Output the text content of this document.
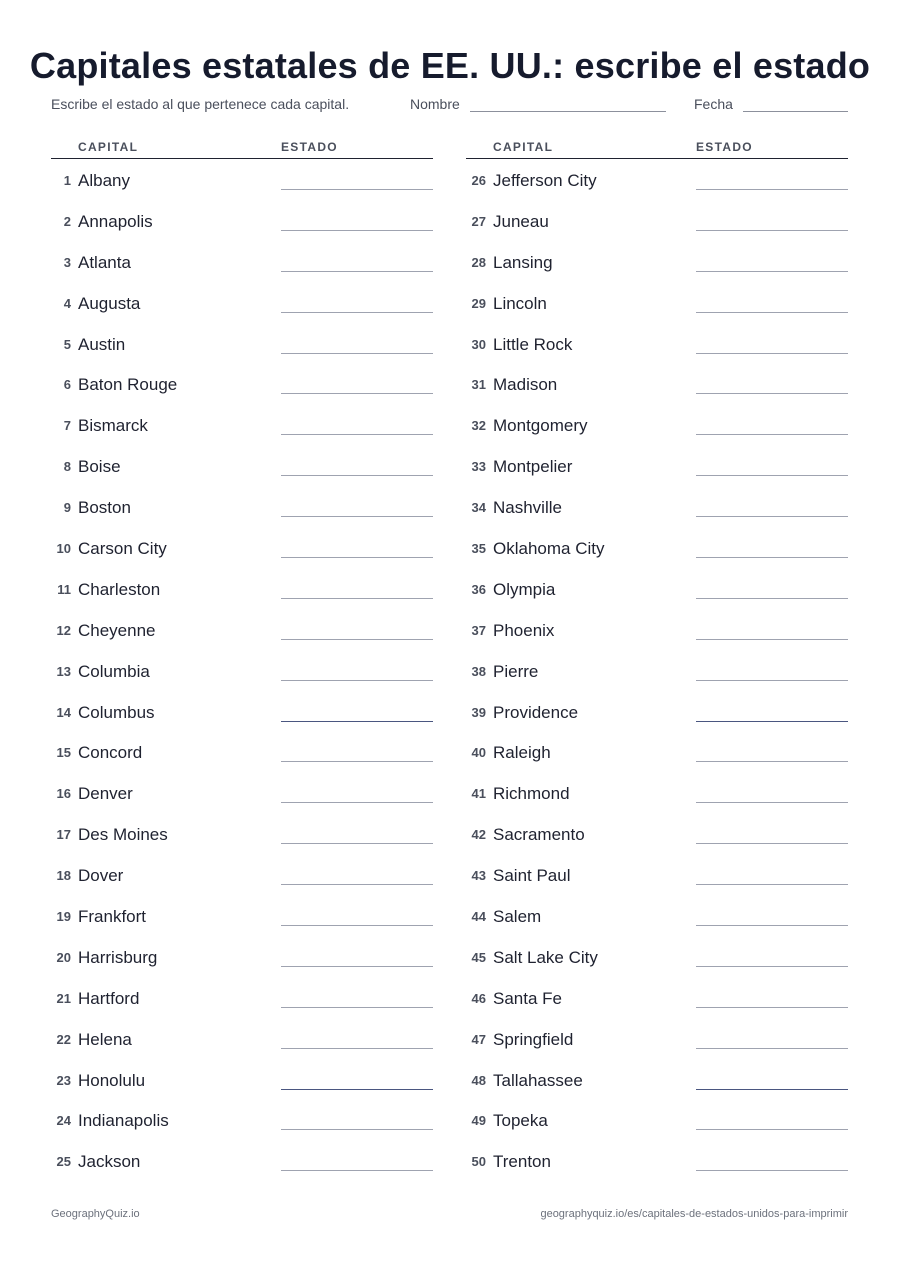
Capitales estatales de EE. UU.: escribe el estado
Escribe el estado al que pertenece cada capital.	Nombre	Fecha
CAPITAL	ESTADO
1 Albany
2 Annapolis
3 Atlanta
4 Augusta
5 Austin
6 Baton Rouge
7 Bismarck
8 Boise
9 Boston
10 Carson City
11 Charleston
12 Cheyenne
13 Columbia
14 Columbus
15 Concord
16 Denver
17 Des Moines
18 Dover
19 Frankfort
20 Harrisburg
21 Hartford
22 Helena
23 Honolulu
24 Indianapolis
25 Jackson
CAPITAL	ESTADO
26 Jefferson City
27 Juneau
28 Lansing
29 Lincoln
30 Little Rock
31 Madison
32 Montgomery
33 Montpelier
34 Nashville
35 Oklahoma City
36 Olympia
37 Phoenix
38 Pierre
39 Providence
40 Raleigh
41 Richmond
42 Sacramento
43 Saint Paul
44 Salem
45 Salt Lake City
46 Santa Fe
47 Springfield
48 Tallahassee
49 Topeka
50 Trenton
GeographyQuiz.io	geographyquiz.io/es/capitales-de-estados-unidos-para-imprimir
